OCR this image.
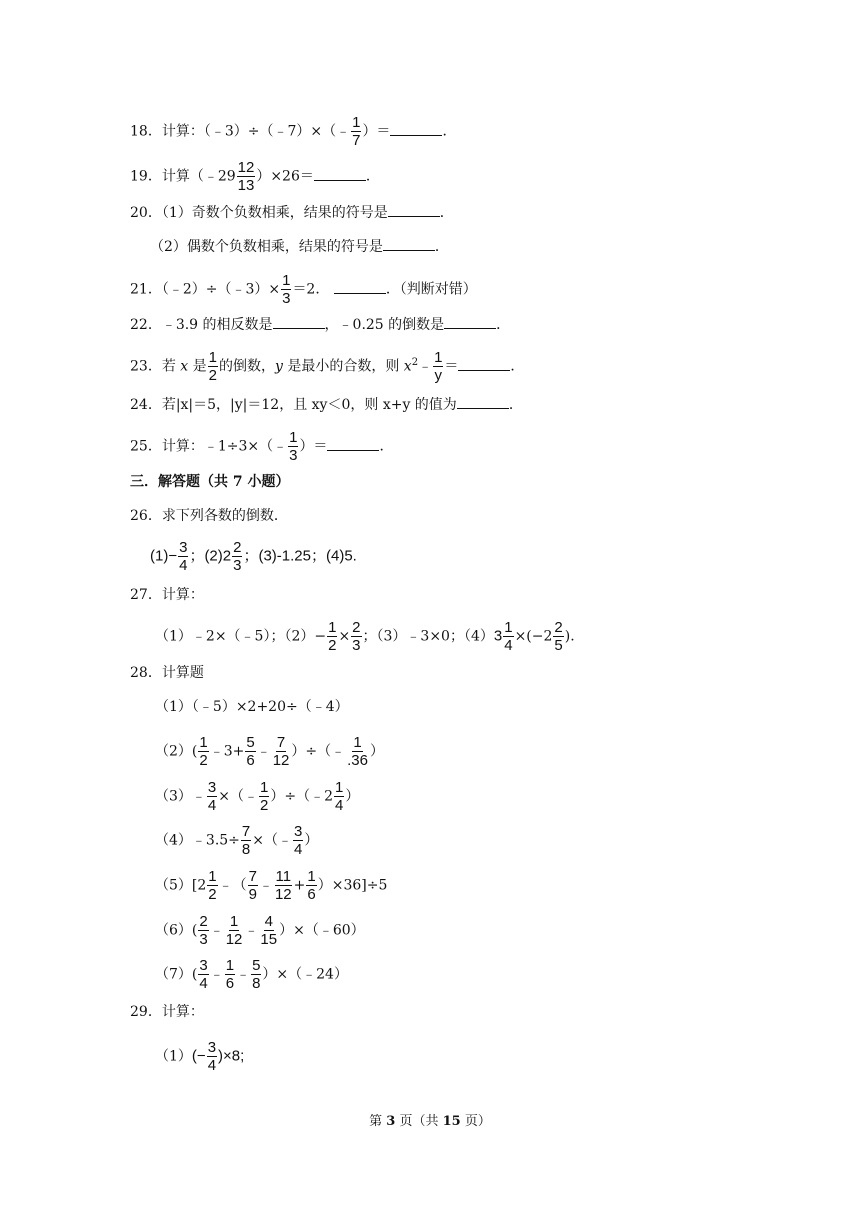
18．计算：（﹣3）÷（﹣7）×（﹣ $\frac{1}{7}$ ）＝	．
19．计算（﹣29 $\frac{12}{13} )\times 26=$	．
20．（1）奇数个负数相乘，结果的符号是	．
（2）偶数个负数相乘，结果的符号是	．
21．（﹣2）÷（﹣3）× $\frac{1}{3} =2$．	．（判断对错）
22．﹣3.9 的相反数是	，﹣0.25 的倒数是	．
23．若 x 是 $\frac{1}{2}$ 的倒数，y 是最小的合数，则 $x^2﹣ \frac{1}{y}$ ＝	．
24．若|x|＝5，|y|＝12，且 xy＜0，则 x+y 的值为	．
25．计算：﹣1÷3×（﹣ $\frac{1}{3}$ ）＝	．
三．解答题（共 7 小题）
26．求下列各数的倒数．
$(1)- \frac{3}{4}$ ；$(2)2 \frac{2}{3}$ ；(3)-1.25；(4)5.
27．计算：
（1）﹣2×（﹣5）；$(2)- \frac{1}{2} \times \frac{2}{3}$ ；（3）﹣3×0；$(4)3 \frac{1}{4} \times(-2 \frac{2}{5}$ ).
28．计算题
（1）（﹣5）×2+20÷（﹣4）
$(2)( \frac{1}{2}$ ﹣3+ $\frac{5}{6}$ ﹣ $\frac{7}{12}$ ）÷（﹣ $\frac{1}{.36}$ ）
（3）﹣ $\frac{3}{4}$ ×（﹣ $\frac{1}{2}$ ）÷（﹣2 $\frac{1}{4}$ ）
（4）﹣3.5÷ $\frac{7}{8}$ ×（﹣ $\frac{3}{4}$ ）
$(5)[2 \frac{1}{2}$ ﹣（ $\frac{7}{9}$ ﹣ $\frac{11}{12} + \frac{1}{6} )\times 36]\div 5$
$(6)( \frac{2}{3}$ ﹣ $\frac{1}{12}$ ﹣ $\frac{4}{15}$ ）×（﹣60）
$(7)( \frac{3}{4}$ ﹣ $\frac{1}{6}$ ﹣ $\frac{5}{8}$ ）×（﹣24）
29．计算：
$(1)(- \frac{3}{4} )\times 8$;
第 3 页（共 15 页）
